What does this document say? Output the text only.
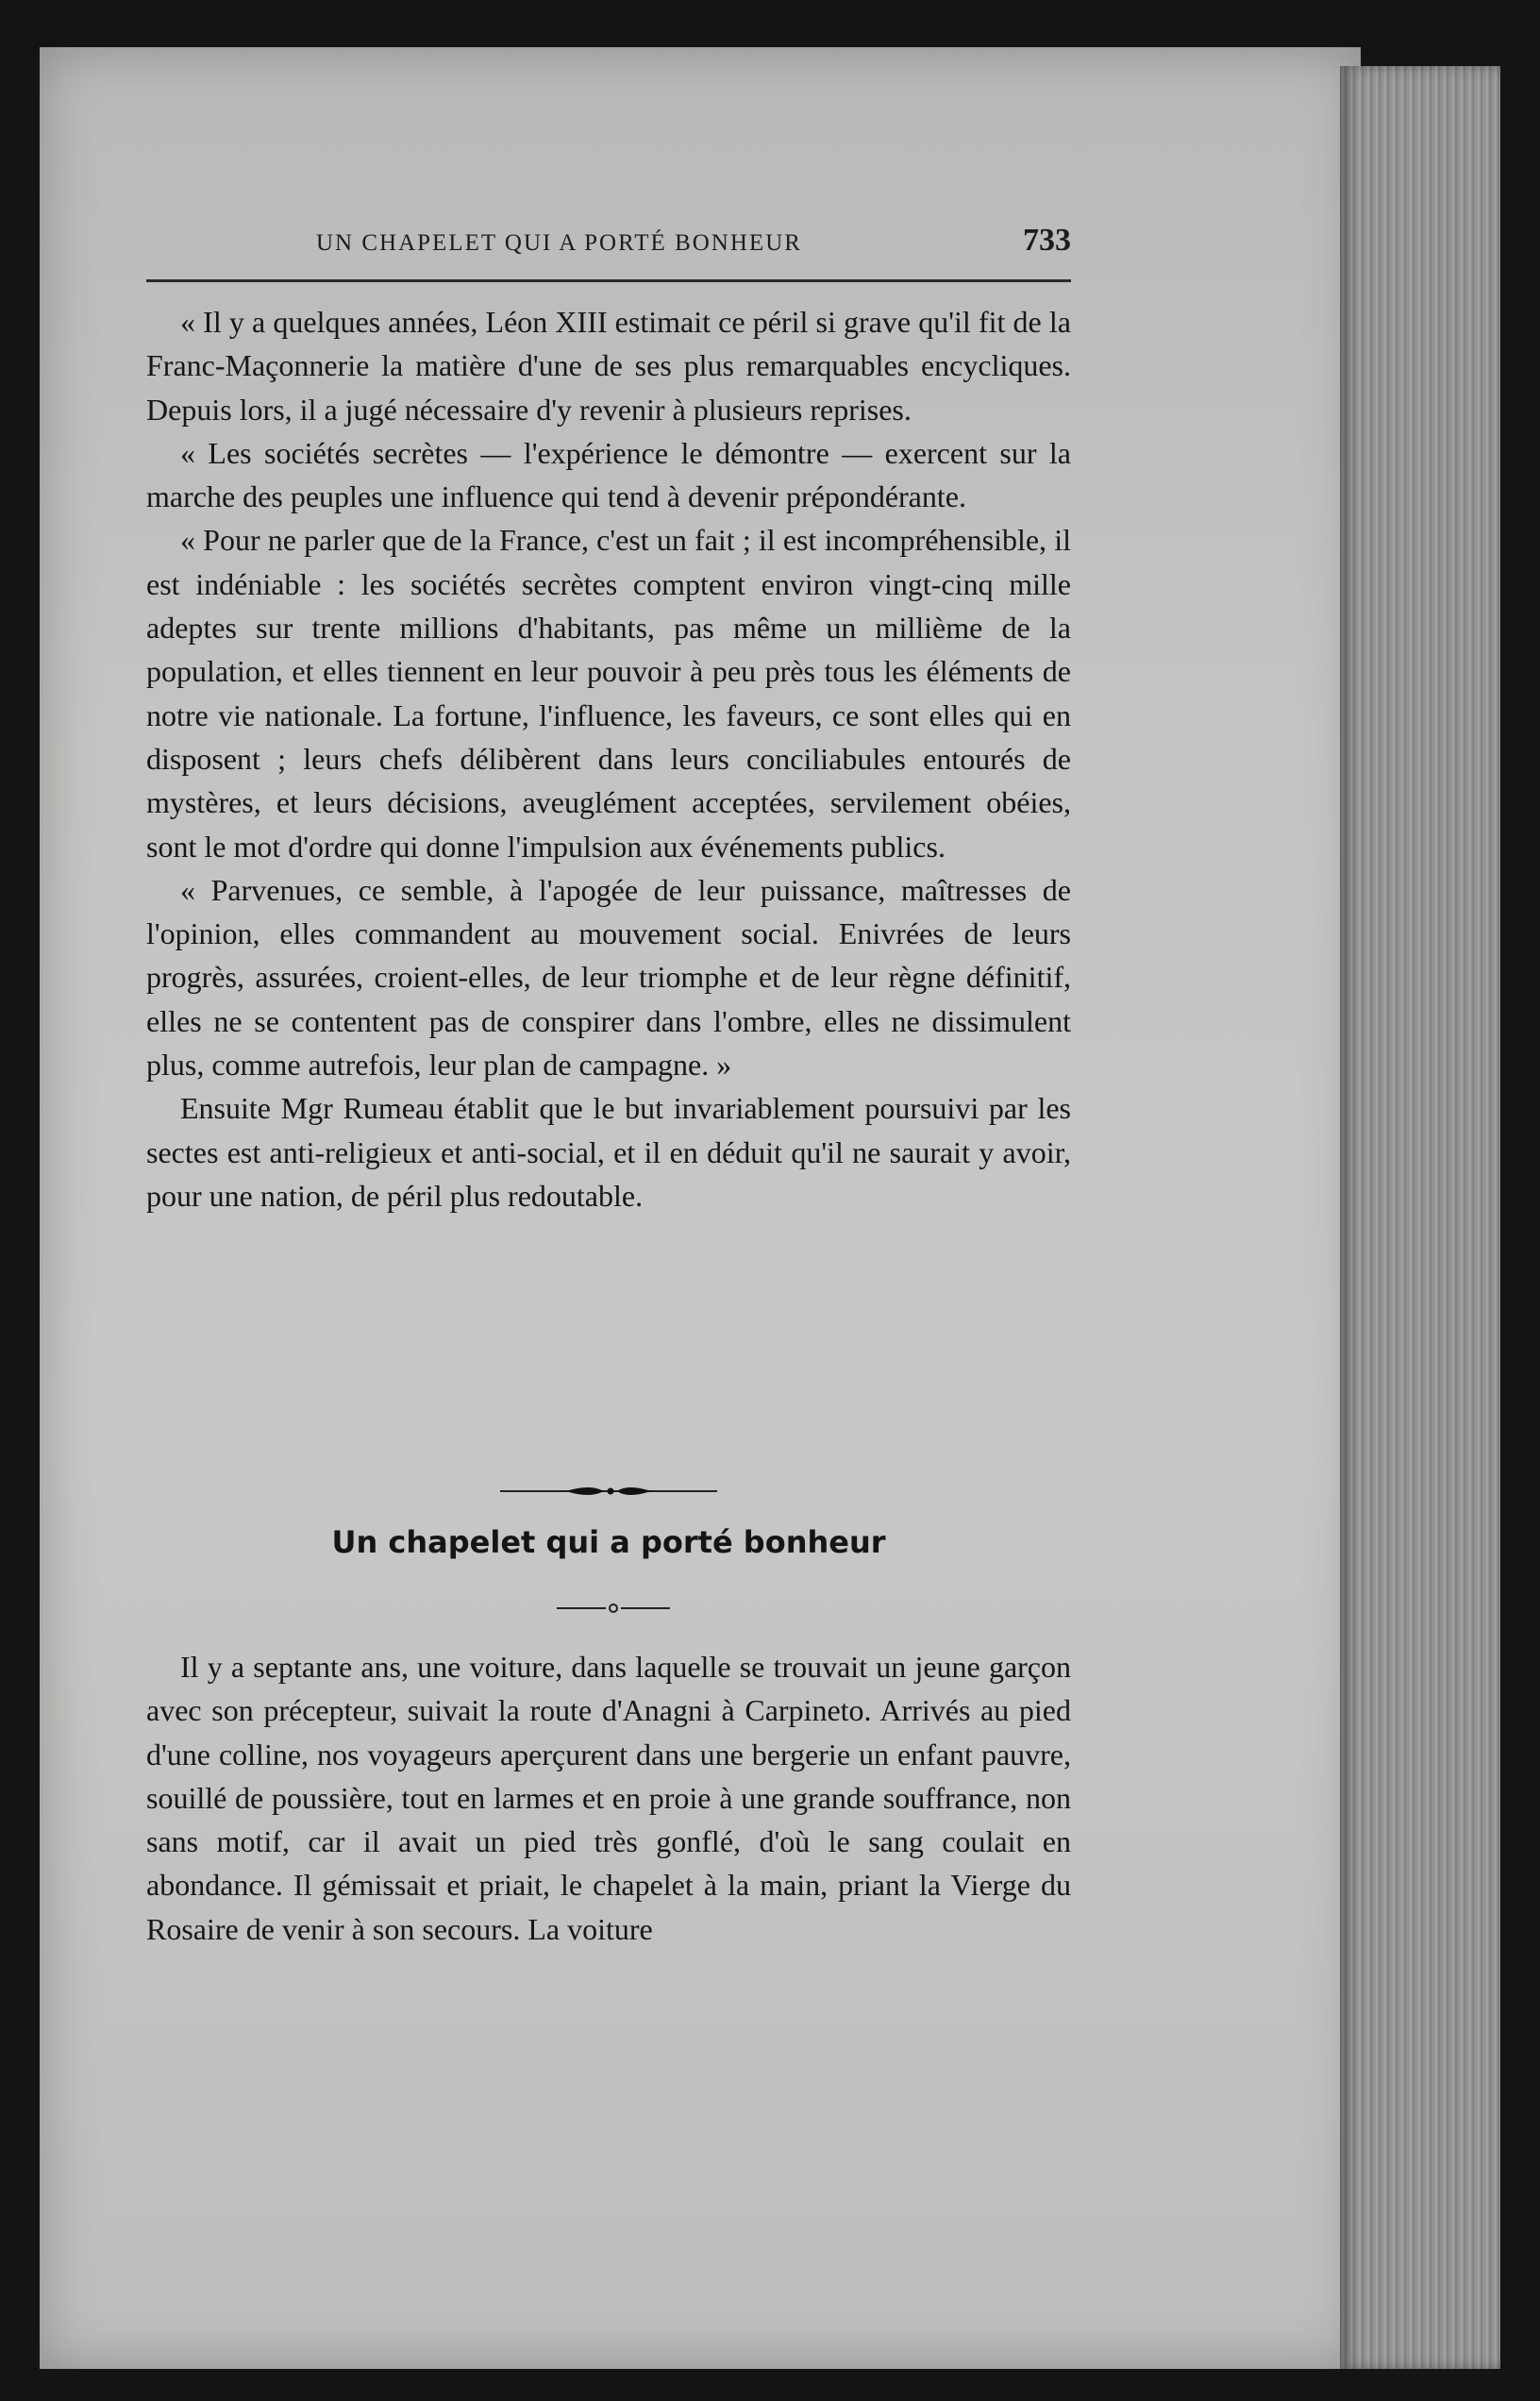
UN CHAPELET QUI A PORTÉ BONHEUR	733

« Il y a quelques années, Léon XIII estimait ce péril si grave qu'il fit de la Franc-Maçonnerie la matière d'une de ses plus remarquables encycliques. Depuis lors, il a jugé nécessaire d'y revenir à plusieurs reprises.

« Les sociétés secrètes — l'expérience le démontre — exercent sur la marche des peuples une influence qui tend à devenir prépondérante.

« Pour ne parler que de la France, c'est un fait ; il est incompréhensible, il est indéniable : les sociétés secrètes comptent environ vingt-cinq mille adeptes sur trente millions d'habitants, pas même un millième de la population, et elles tiennent en leur pouvoir à peu près tous les éléments de notre vie nationale. La fortune, l'influence, les faveurs, ce sont elles qui en disposent ; leurs chefs délibèrent dans leurs conciliabules entourés de mystères, et leurs décisions, aveuglément acceptées, servilement obéies, sont le mot d'ordre qui donne l'impulsion aux événements publics.

« Parvenues, ce semble, à l'apogée de leur puissance, maîtresses de l'opinion, elles commandent au mouvement social. Enivrées de leurs progrès, assurées, croient-elles, de leur triomphe et de leur règne définitif, elles ne se contentent pas de conspirer dans l'ombre, elles ne dissimulent plus, comme autrefois, leur plan de campagne. »

Ensuite Mgr Rumeau établit que le but invariablement poursuivi par les sectes est anti-religieux et anti-social, et il en déduit qu'il ne saurait y avoir, pour une nation, de péril plus redoutable.

Un chapelet qui a porté bonheur

Il y a septante ans, une voiture, dans laquelle se trouvait un jeune garçon avec son précepteur, suivait la route d'Anagni à Carpineto. Arrivés au pied d'une colline, nos voyageurs aperçurent dans une bergerie un enfant pauvre, souillé de poussière, tout en larmes et en proie à une grande souffrance, non sans motif, car il avait un pied très gonflé, d'où le sang coulait en abondance. Il gémissait et priait, le chapelet à la main, priant la Vierge du Rosaire de venir à son secours. La voiture
